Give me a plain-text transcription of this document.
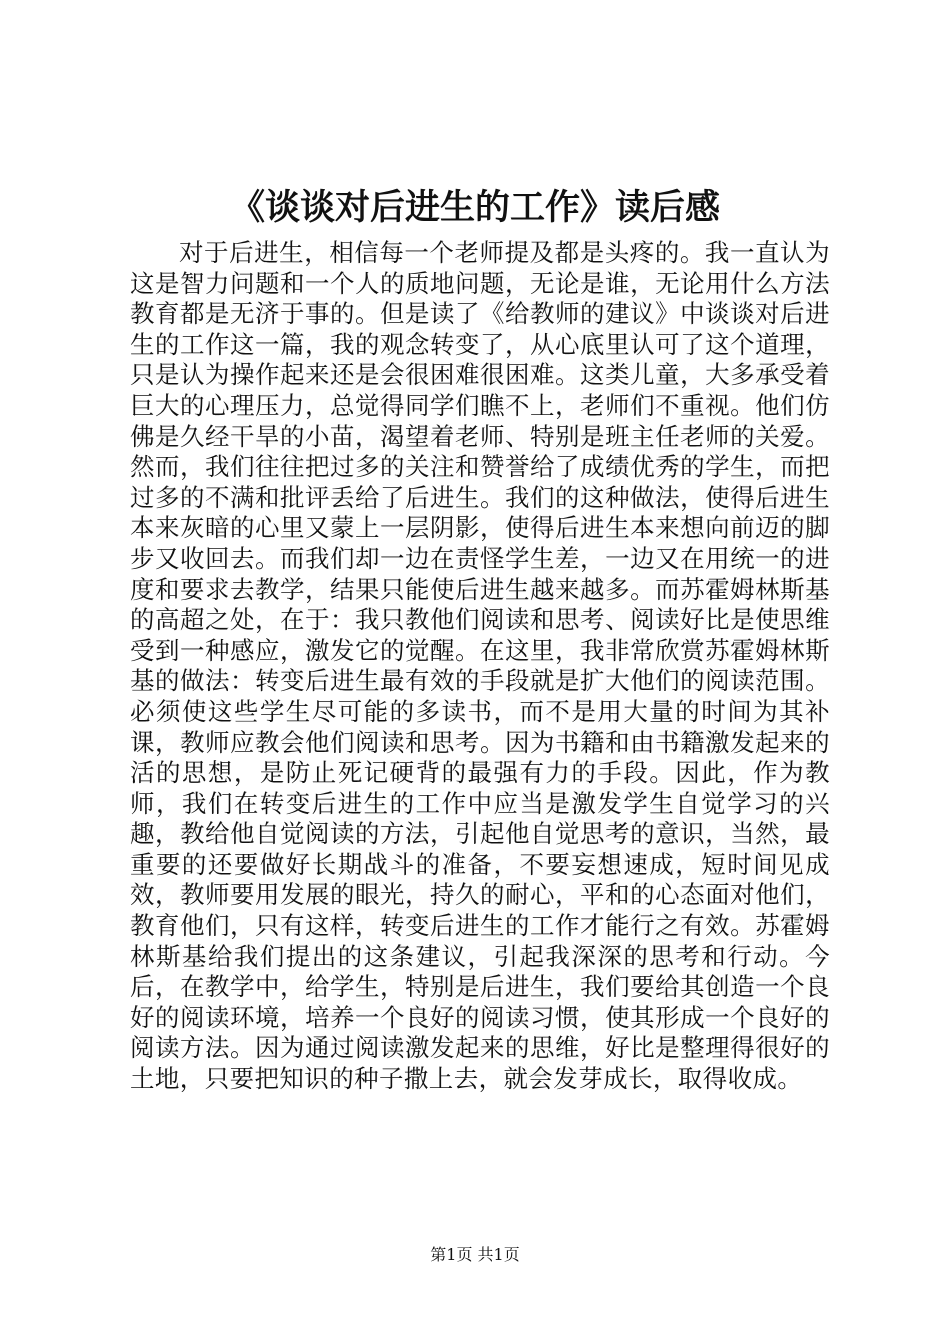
《谈谈对后进生的工作》读后感

对于后进生，相信每一个老师提及都是头疼的。我一直认为这是智力问题和一个人的质地问题，无论是谁，无论用什么方法教育都是无济于事的。但是读了《给教师的建议》中谈谈对后进生的工作这一篇，我的观念转变了，从心底里认可了这个道理，只是认为操作起来还是会很困难很困难。这类儿童，大多承受着巨大的心理压力，总觉得同学们瞧不上，老师们不重视。他们仿佛是久经干旱的小苗，渴望着老师、特别是班主任老师的关爱。然而，我们往往把过多的关注和赞誉给了成绩优秀的学生，而把过多的不满和批评丢给了后进生。我们的这种做法，使得后进生本来灰暗的心里又蒙上一层阴影，使得后进生本来想向前迈的脚步又收回去。而我们却一边在责怪学生差，一边又在用统一的进度和要求去教学，结果只能使后进生越来越多。而苏霍姆林斯基的高超之处，在于：我只教他们阅读和思考、阅读好比是使思维受到一种感应，激发它的觉醒。在这里，我非常欣赏苏霍姆林斯基的做法：转变后进生最有效的手段就是扩大他们的阅读范围。必须使这些学生尽可能的多读书，而不是用大量的时间为其补课，教师应教会他们阅读和思考。因为书籍和由书籍激发起来的活的思想，是防止死记硬背的最强有力的手段。因此，作为教师，我们在转变后进生的工作中应当是激发学生自觉学习的兴趣，教给他自觉阅读的方法，引起他自觉思考的意识，当然，最重要的还要做好长期战斗的准备，不要妄想速成，短时间见成效，教师要用发展的眼光，持久的耐心，平和的心态面对他们，教育他们，只有这样，转变后进生的工作才能行之有效。苏霍姆林斯基给我们提出的这条建议，引起我深深的思考和行动。今后，在教学中，给学生，特别是后进生，我们要给其创造一个良好的阅读环境，培养一个良好的阅读习惯，使其形成一个良好的阅读方法。因为通过阅读激发起来的思维，好比是整理得很好的土地，只要把知识的种子撒上去，就会发芽成长，取得收成。

第1页 共1页
